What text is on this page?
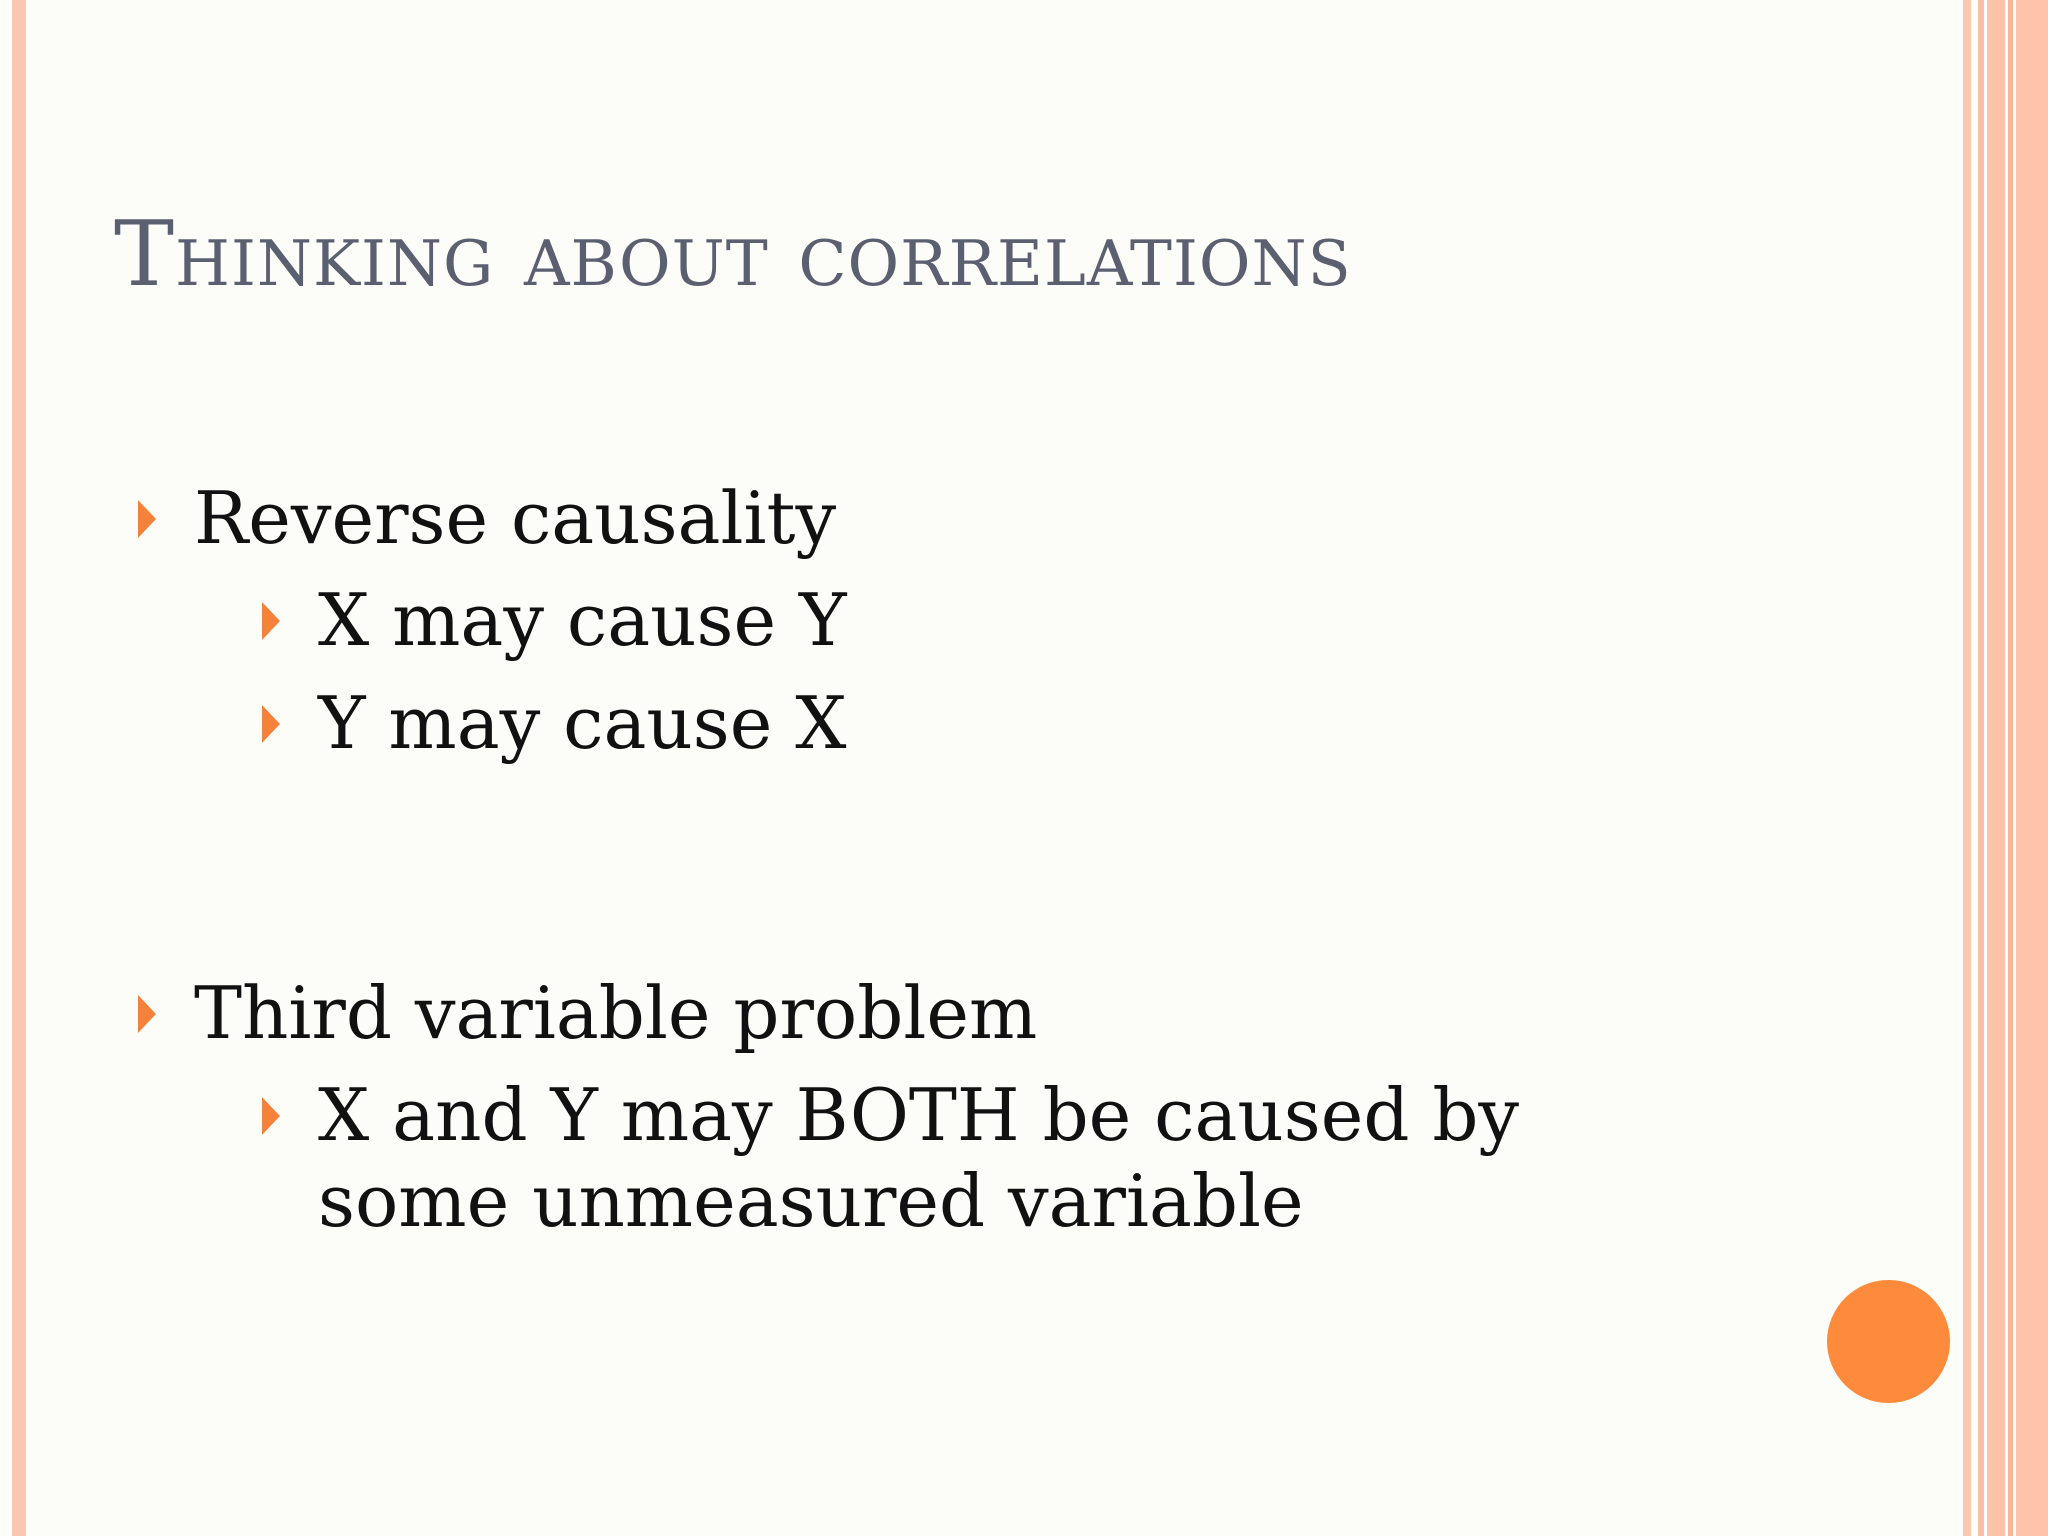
Thinking about correlations
Reverse causality
X may cause Y
Y may cause X
Third variable problem
X and Y may BOTH be caused by some unmeasured variable
